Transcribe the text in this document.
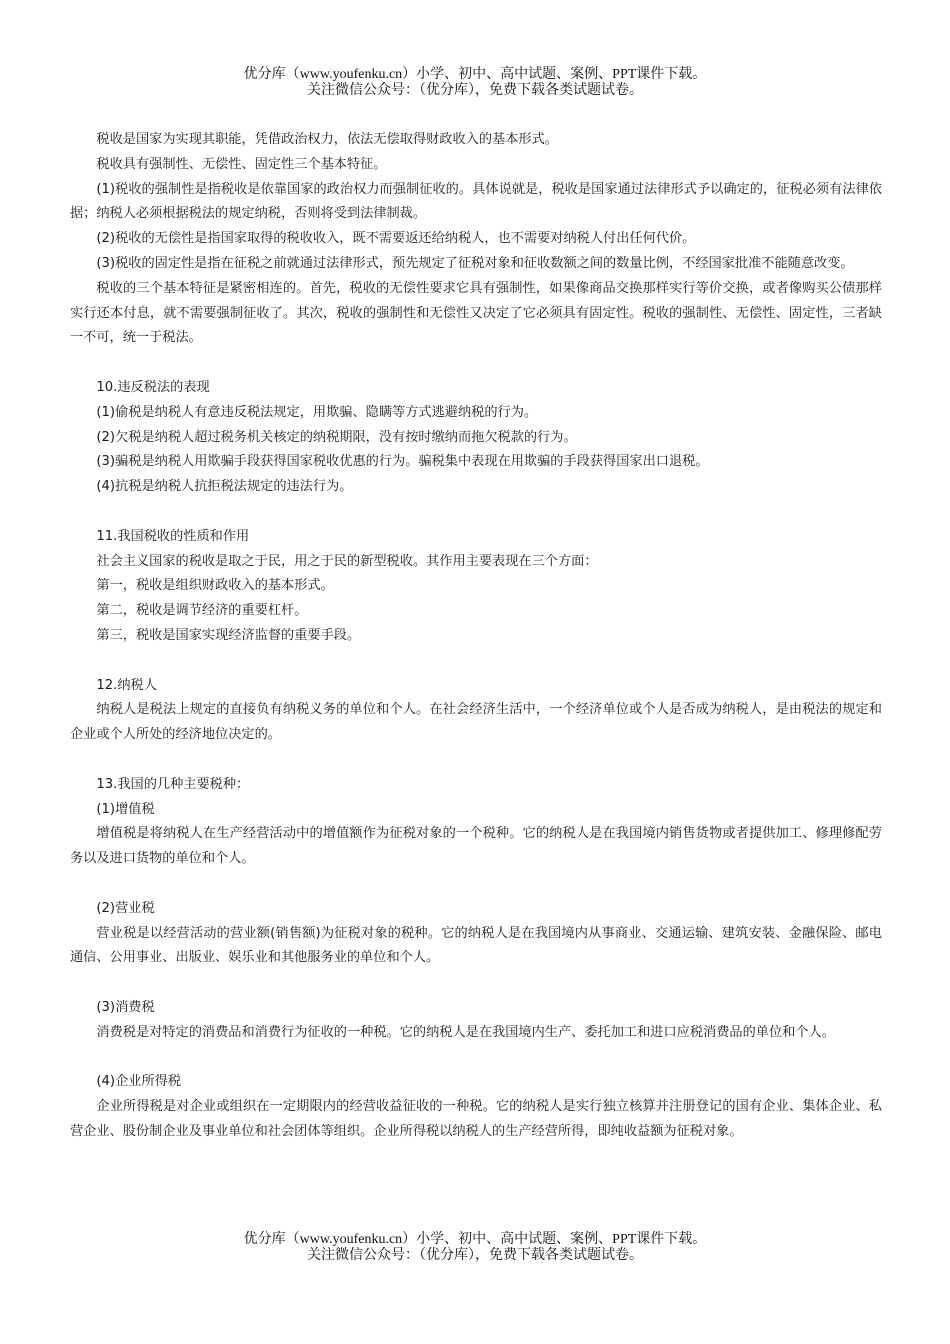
优分库（www.youfenku.cn）小学、初中、高中试题、案例、PPT课件下载。
关注微信公众号：（优分库），免费下载各类试题试卷。

税收是国家为实现其职能，凭借政治权力，依法无偿取得财政收入的基本形式。

税收具有强制性、无偿性、固定性三个基本特征。

(1)税收的强制性是指税收是依靠国家的政治权力而强制征收的。具体说就是，税收是国家通过法律形式予以确定的，征税必须有法律依据；纳税人必须根据税法的规定纳税，否则将受到法律制裁。

(2)税收的无偿性是指国家取得的税收收入，既不需要返还给纳税人，也不需要对纳税人付出任何代价。

(3)税收的固定性是指在征税之前就通过法律形式，预先规定了征税对象和征收数额之间的数量比例，不经国家批准不能随意改变。

税收的三个基本特征是紧密相连的。首先，税收的无偿性要求它具有强制性，如果像商品交换那样实行等价交换，或者像购买公债那样实行还本付息，就不需要强制征收了。其次，税收的强制性和无偿性又决定了它必须具有固定性。税收的强制性、无偿性、固定性，三者缺一不可，统一于税法。

10.违反税法的表现

(1)偷税是纳税人有意违反税法规定，用欺骗、隐瞒等方式逃避纳税的行为。

(2)欠税是纳税人超过税务机关核定的纳税期限，没有按时缴纳而拖欠税款的行为。

(3)骗税是纳税人用欺骗手段获得国家税收优惠的行为。骗税集中表现在用欺骗的手段获得国家出口退税。

(4)抗税是纳税人抗拒税法规定的违法行为。

11.我国税收的性质和作用

社会主义国家的税收是取之于民，用之于民的新型税收。其作用主要表现在三个方面：

第一，税收是组织财政收入的基本形式。

第二，税收是调节经济的重要杠杆。

第三，税收是国家实现经济监督的重要手段。

12.纳税人

纳税人是税法上规定的直接负有纳税义务的单位和个人。在社会经济生活中，一个经济单位或个人是否成为纳税人，是由税法的规定和企业或个人所处的经济地位决定的。

13.我国的几种主要税种：

(1)增值税

增值税是将纳税人在生产经营活动中的增值额作为征税对象的一个税种。它的纳税人是在我国境内销售货物或者提供加工、修理修配劳务以及进口货物的单位和个人。

(2)营业税

营业税是以经营活动的营业额(销售额)为征税对象的税种。它的纳税人是在我国境内从事商业、交通运输、建筑安装、金融保险、邮电通信、公用事业、出版业、娱乐业和其他服务业的单位和个人。

(3)消费税

消费税是对特定的消费品和消费行为征收的一种税。它的纳税人是在我国境内生产、委托加工和进口应税消费品的单位和个人。

(4)企业所得税

企业所得税是对企业或组织在一定期限内的经营收益征收的一种税。它的纳税人是实行独立核算并注册登记的国有企业、集体企业、私营企业、股份制企业及事业单位和社会团体等组织。企业所得税以纳税人的生产经营所得，即纯收益额为征税对象。

优分库（www.youfenku.cn）小学、初中、高中试题、案例、PPT课件下载。
关注微信公众号：（优分库），免费下载各类试题试卷。
